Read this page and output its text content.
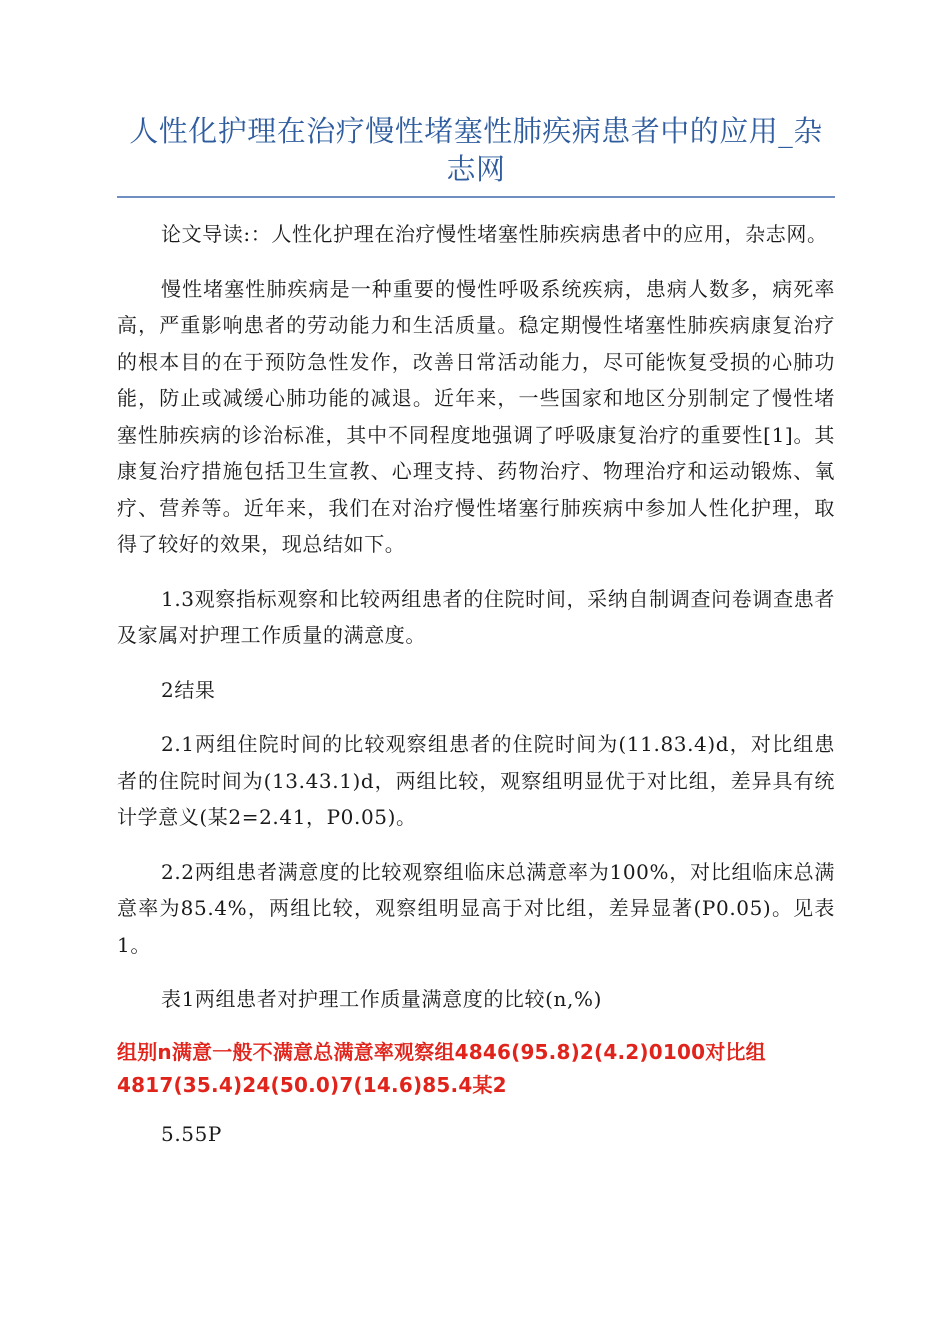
人性化护理在治疗慢性堵塞性肺疾病患者中的应用_杂志网

论文导读:：人性化护理在治疗慢性堵塞性肺疾病患者中的应用，杂志网。

慢性堵塞性肺疾病是一种重要的慢性呼吸系统疾病，患病人数多，病死率高，严重影响患者的劳动能力和生活质量。稳定期慢性堵塞性肺疾病康复治疗的根本目的在于预防急性发作，改善日常活动能力，尽可能恢复受损的心肺功能，防止或减缓心肺功能的减退。近年来，一些国家和地区分别制定了慢性堵塞性肺疾病的诊治标准，其中不同程度地强调了呼吸康复治疗的重要性[1]。其康复治疗措施包括卫生宣教、心理支持、药物治疗、物理治疗和运动锻炼、氧疗、营养等。近年来，我们在对治疗慢性堵塞行肺疾病中参加人性化护理，取得了较好的效果，现总结如下。

1.3观察指标观察和比较两组患者的住院时间，采纳自制调查问卷调查患者及家属对护理工作质量的满意度。

2结果

2.1两组住院时间的比较观察组患者的住院时间为(11.83.4)d，对比组患者的住院时间为(13.43.1)d，两组比较，观察组明显优于对比组，差异具有统计学意义(某2=2.41，P0.05)。

2.2两组患者满意度的比较观察组临床总满意率为100%，对比组临床总满意率为85.4%，两组比较，观察组明显高于对比组，差异显著(P0.05)。见表1。

表1两组患者对护理工作质量满意度的比较(n,%)

组别n满意一般不满意总满意率观察组4846(95.8)2(4.2)0100对比组4817(35.4)24(50.0)7(14.6)85.4某2

5.55P
